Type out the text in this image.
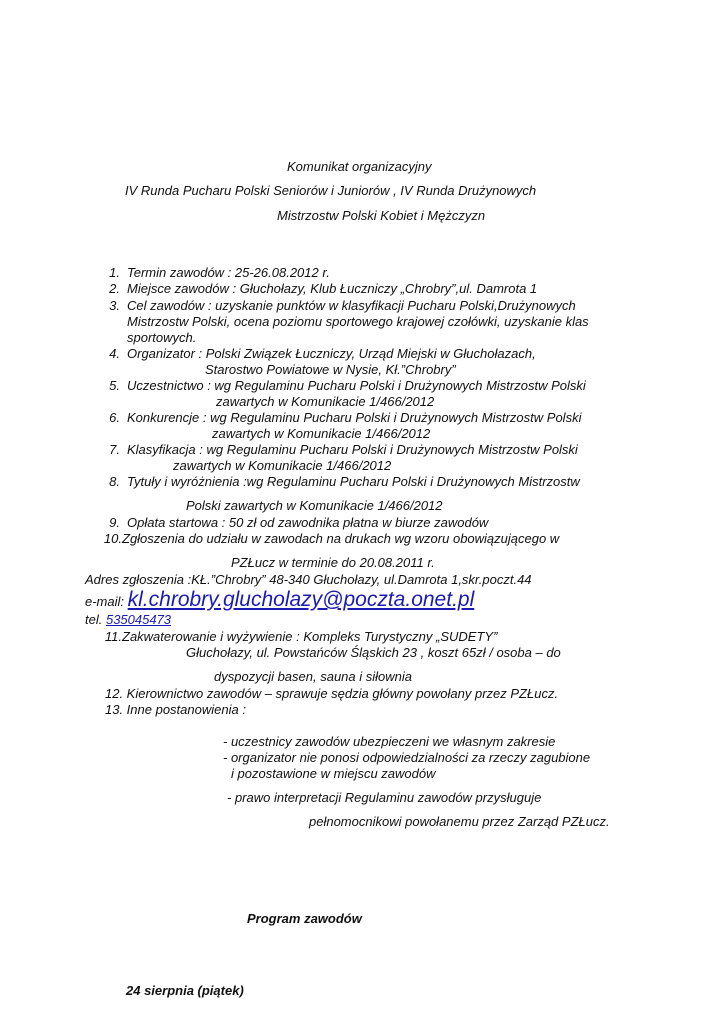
Komunikat organizacyjny
IV Runda Pucharu Polski Seniorów i Juniorów , IV Runda Drużynowych
Mistrzostw Polski Kobiet i Mężczyzn
1. Termin zawodów : 25-26.08.2012 r.
2. Miejsce zawodów : Głuchołazy, Klub Łuczniczy „Chrobry”,ul. Damrota 1
3. Cel zawodów : uzyskanie punktów w klasyfikacji Pucharu Polski,Drużynowych
Mistrzostw Polski, ocena poziomu sportowego krajowej czołówki, uzyskanie klas
sportowych.
4. Organizator : Polski Związek Łuczniczy, Urząd Miejski w Głuchołazach,
Starostwo Powiatowe w Nysie, Kł.”Chrobry”
5. Uczestnictwo : wg Regulaminu Pucharu Polski i Drużynowych Mistrzostw Polski
zawartych w Komunikacie 1/466/2012
6. Konkurencje : wg Regulaminu Pucharu Polski i Drużynowych Mistrzostw Polski
zawartych w Komunikacie 1/466/2012
7. Klasyfikacja : wg Regulaminu Pucharu Polski i Drużynowych Mistrzostw Polski
zawartych w Komunikacie 1/466/2012
8. Tytuły i wyróżnienia :wg Regulaminu Pucharu Polski i Drużynowych Mistrzostw
Polski zawartych w Komunikacie 1/466/2012
9. Opłata startowa : 50 zł od zawodnika płatna w biurze zawodów
10. Zgłoszenia do udziału w zawodach na drukach wg wzoru obowiązującego w
PZŁucz w terminie do 20.08.2011 r.
Adres zgłoszenia :KŁ.”Chrobry” 48-340 Głuchołazy, ul.Damrota 1,skr.poczt.44
e-mail: kl.chrobry.glucholazy@poczta.onet.pl
tel. 535045473
11. Zakwaterowanie i wyżywienie : Kompleks Turystyczny „SUDETY”
Głuchołazy, ul. Powstańców Śląskich 23 , koszt 65zł / osoba – do
dyspozycji basen, sauna i siłownia
12. Kierownictwo zawodów – sprawuje sędzia główny powołany przez PZŁucz.
13. Inne postanowienia :
- uczestnicy zawodów ubezpieczeni we własnym zakresie
- organizator nie ponosi odpowiedzialności za rzeczy zagubione
i pozostawione w miejscu zawodów
- prawo interpretacji Regulaminu zawodów przysługuje
pełnomocnikowi powołanemu przez Zarząd PZŁucz.
Program zawodów
24 sierpnia (piątek)
